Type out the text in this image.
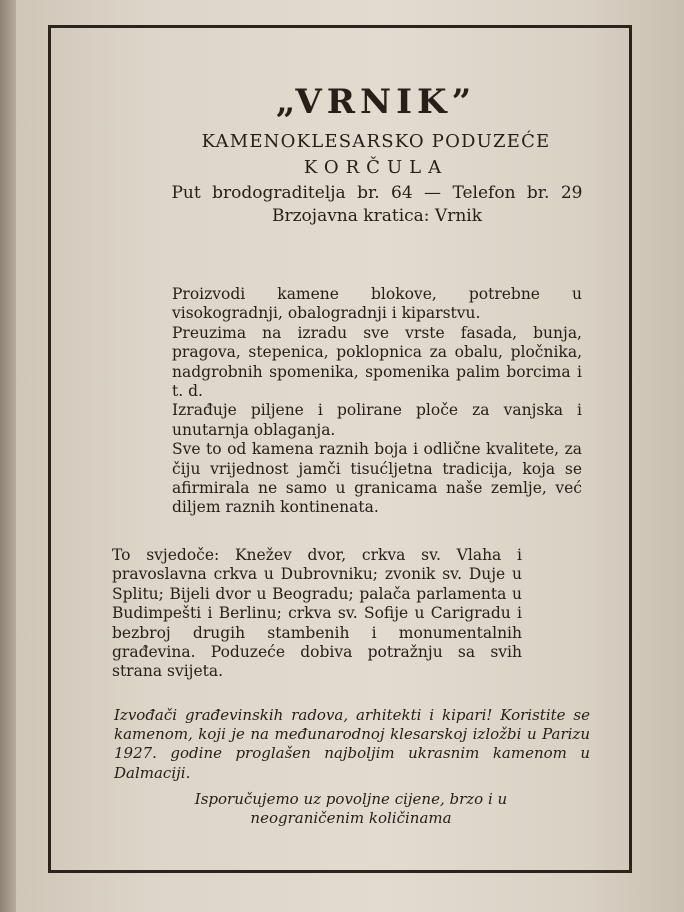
„VRNIK”
KAMENOKLESARSKO PODUZEĆE
KORČULA
Put brodograditelja br. 64 — Telefon br. 29
Brzojavna kratica: Vrnik

Proizvodi kamene blokove, potrebne u visokogradnji, obalogradnji i kiparstvu.

Preuzima na izradu sve vrste fasada, bunja, pragova, stepenica, poklopnica za obalu, pločnika, nadgrobnih spomenika, spomenika palim borcima i t. d.

Izrađuje piljene i polirane ploče za vanjska i unutarnja oblaganja.

Sve to od kamena raznih boja i odlične kvalitete, za čiju vrijednost jamči tisućljetna tradicija, koja se afirmirala ne samo u granicama naše zemlje, već diljem raznih kontinenata.

To svjedoče: Knežev dvor, crkva sv. Vlaha i pravoslavna crkva u Dubrovniku; zvonik sv. Duje u Splitu; Bijeli dvor u Beogradu; palača parlamenta u Budimpešti i Berlinu; crkva sv. Sofije u Carigradu i bezbroj drugih stambenih i monumentalnih građevina. Poduzeće dobiva potražnju sa svih strana svijeta.
Izvođači građevinskih radova, arhitekti i kipari! Koristite se kamenom, koji je na međunarodnoj klesarskoj izložbi u Parizu 1927. godine proglašen najboljim ukrasnim kamenom u Dalmaciji.
Isporučujemo uz povoljne cijene, brzo i u neograničenim količinama
